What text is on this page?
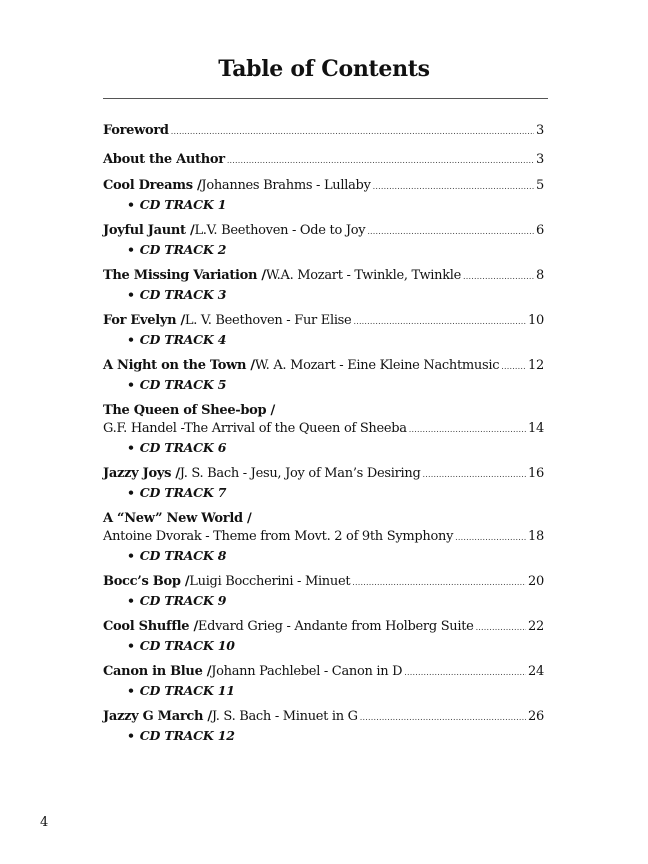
Table of Contents
Foreword .....	3
About the Author .....	3
Cool Dreams / Johannes Brahms - Lullaby .....	5
• CD TRACK 1
Joyful Jaunt / L.V. Beethoven - Ode to Joy .....	6
• CD TRACK 2
The Missing Variation / W.A. Mozart - Twinkle, Twinkle .....	8
• CD TRACK 3
For Evelyn / L. V. Beethoven - Fur Elise .....	10
• CD TRACK 4
A Night on the Town / W. A. Mozart - Eine Kleine Nachtmusic ..... 12
• CD TRACK 5
The Queen of Shee-bop /
G.F. Handel -The Arrival of the Queen of Sheeba .....	14
• CD TRACK 6
Jazzy Joys / J. S. Bach - Jesu, Joy of Man’s Desiring .....	16
• CD TRACK 7
A “New” New World /
Antoine Dvorak - Theme from Movt. 2 of 9th Symphony .....	18
• CD TRACK 8
Bocc’s Bop / Luigi Boccherini - Minuet .....	20
• CD TRACK 9
Cool Shuffle / Edvard Grieg - Andante from Holberg Suite .....	22
• CD TRACK 10
Canon in Blue / Johann Pachlebel - Canon in D .....	24
• CD TRACK 11
Jazzy G March / J. S. Bach - Minuet in G .....	26
• CD TRACK 12
4
